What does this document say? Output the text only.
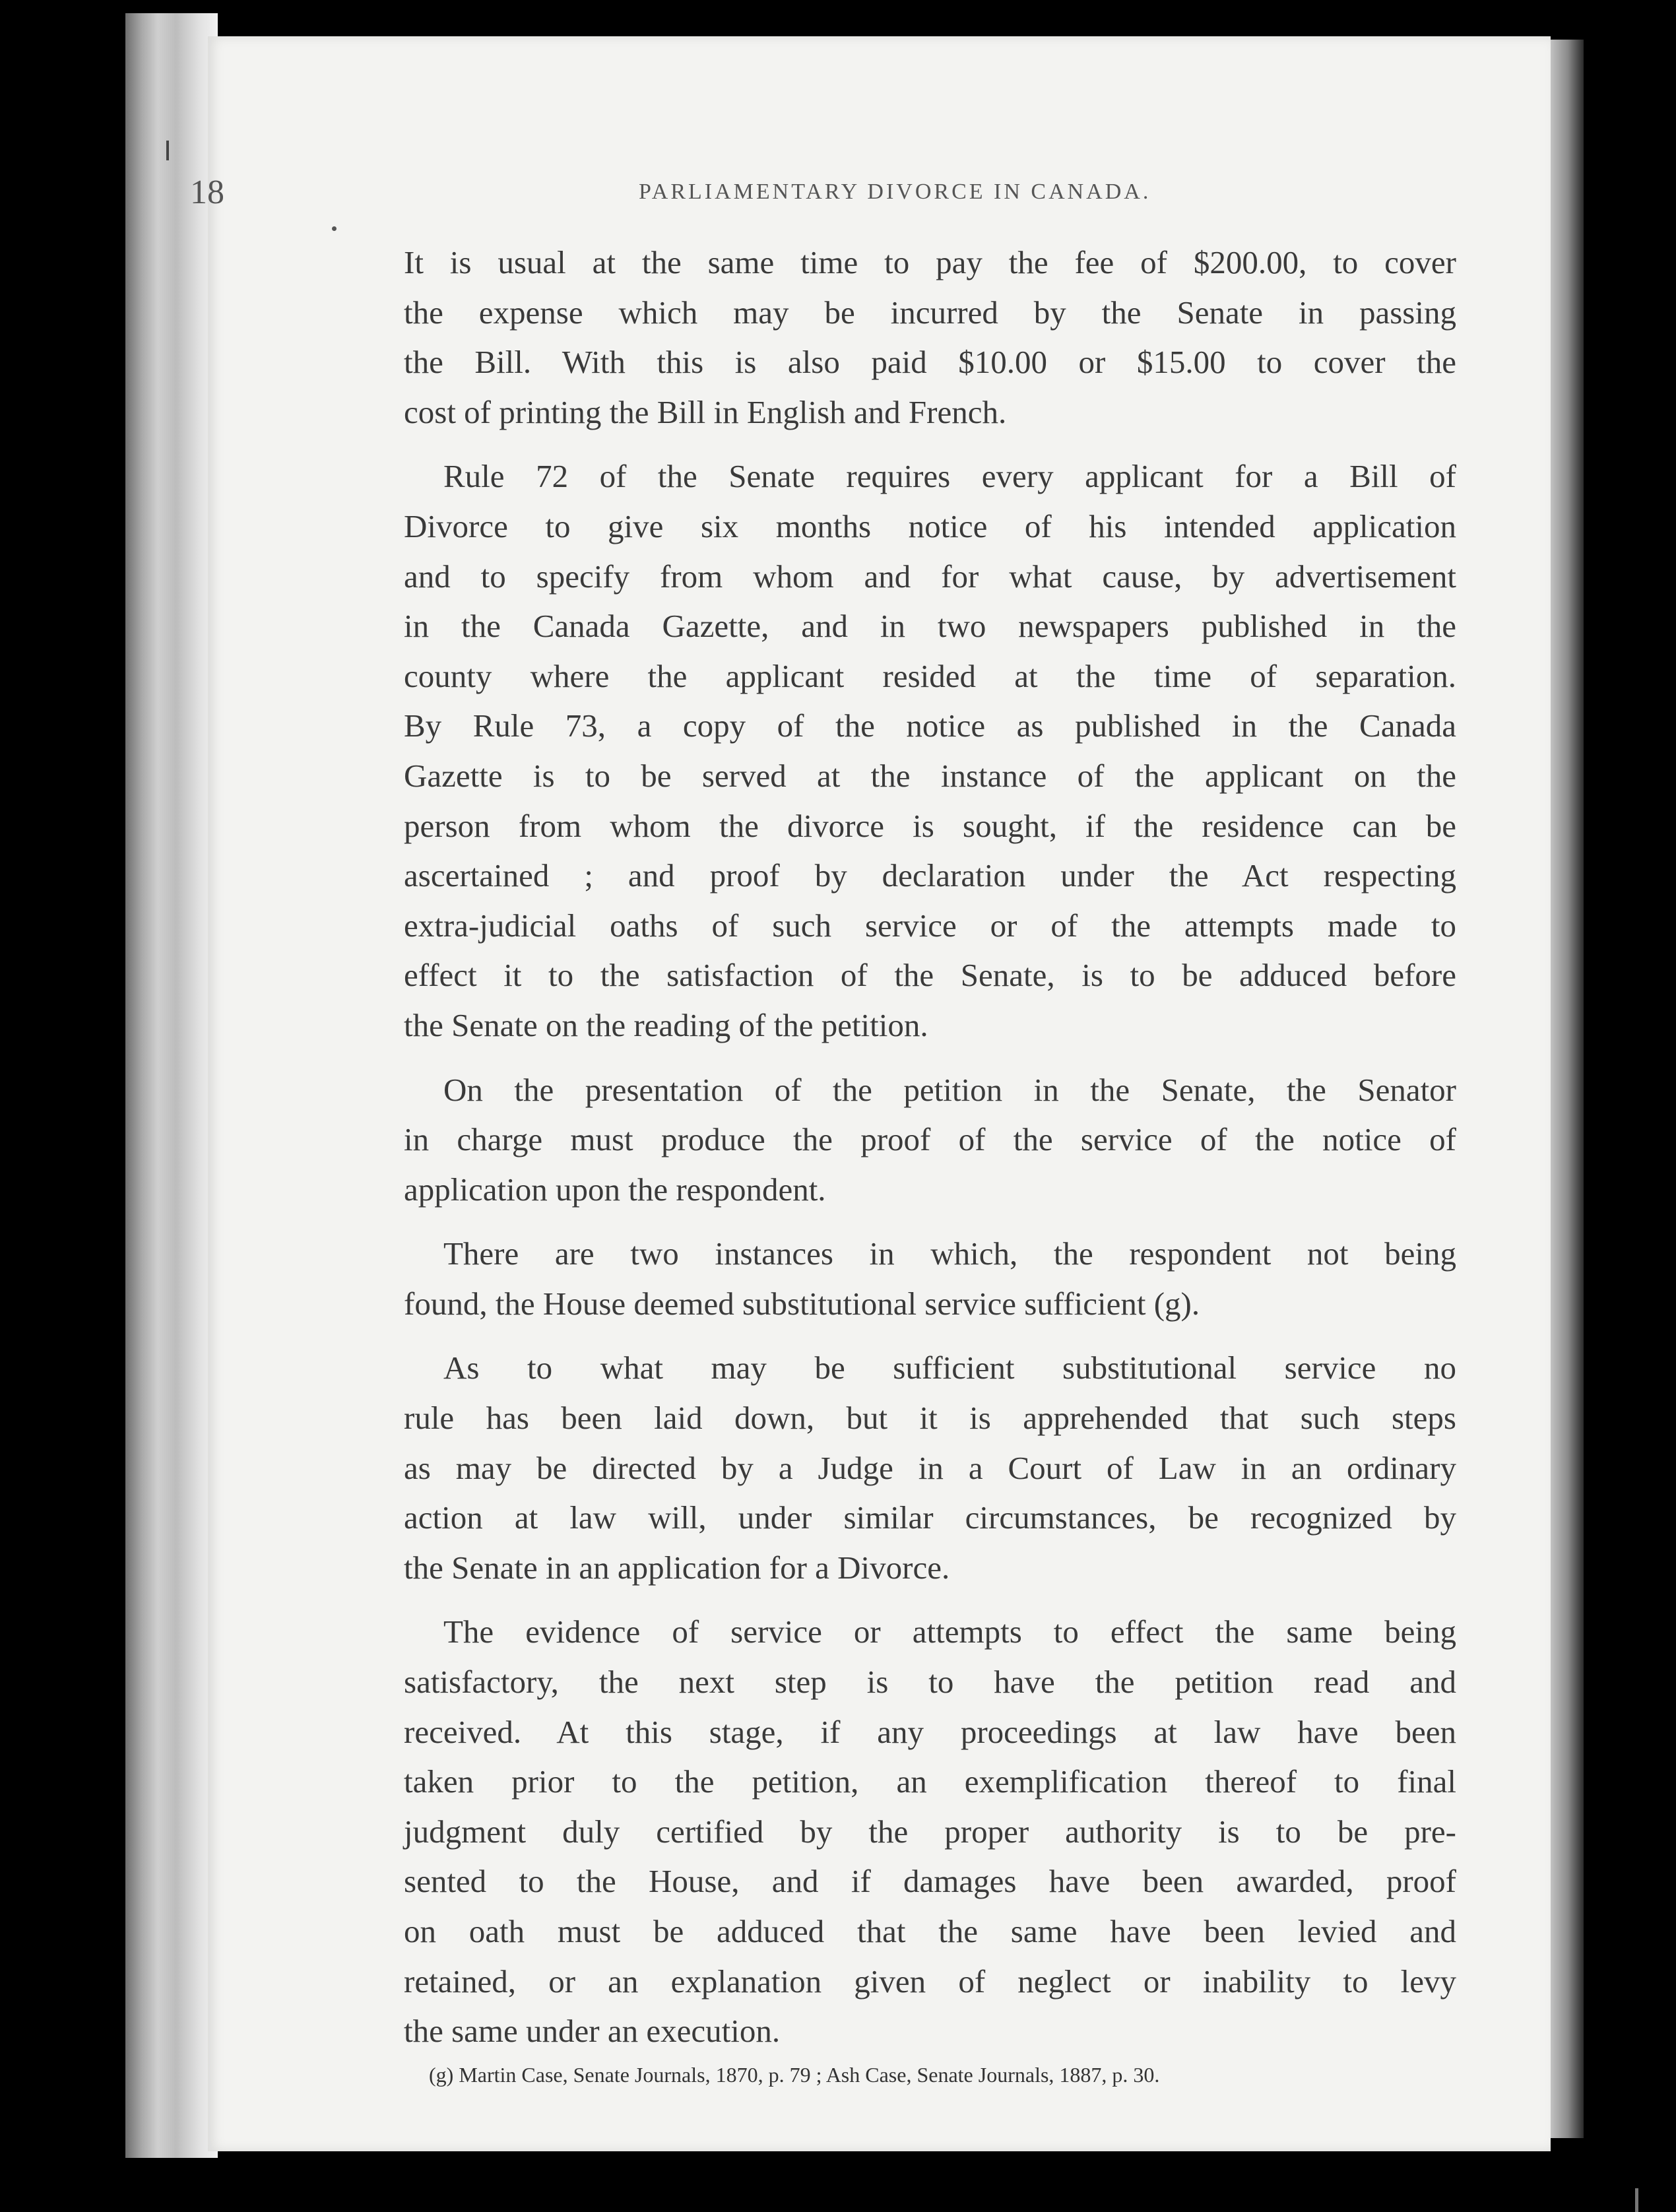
18	PARLIAMENTARY DIVORCE IN CANADA.

It is usual at the same time to pay the fee of $200.00, to cover
the expense which may be incurred by the Senate in passing
the Bill. With this is also paid $10.00 or $15.00 to cover the
cost of printing the Bill in English and French.

Rule 72 of the Senate requires every applicant for a Bill of
Divorce to give six months notice of his intended application
and to specify from whom and for what cause, by advertisement
in the Canada Gazette, and in two newspapers published in the
county where the applicant resided at the time of separation.
By Rule 73, a copy of the notice as published in the Canada
Gazette is to be served at the instance of the applicant on the
person from whom the divorce is sought, if the residence can be
ascertained ; and proof by declaration under the Act respecting
extra-judicial oaths of such service or of the attempts made to
effect it to the satisfaction of the Senate, is to be adduced before
the Senate on the reading of the petition.

On the presentation of the petition in the Senate, the Senator
in charge must produce the proof of the service of the notice of
application upon the respondent.

There are two instances in which, the respondent not being
found, the House deemed substitutional service sufficient (g).

As to what may be sufficient substitutional service no
rule has been laid down, but it is apprehended that such steps
as may be directed by a Judge in a Court of Law in an ordinary
action at law will, under similar circumstances, be recognized by
the Senate in an application for a Divorce.

The evidence of service or attempts to effect the same being
satisfactory, the next step is to have the petition read and
received. At this stage, if any proceedings at law have been
taken prior to the petition, an exemplification thereof to final
judgment duly certified by the proper authority is to be pre-
sented to the House, and if damages have been awarded, proof
on oath must be adduced that the same have been levied and
retained, or an explanation given of neglect or inability to levy
the same under an execution.

(g) Martin Case, Senate Journals, 1870, p. 79 ; Ash Case, Senate Journals, 1887, p. 30.
